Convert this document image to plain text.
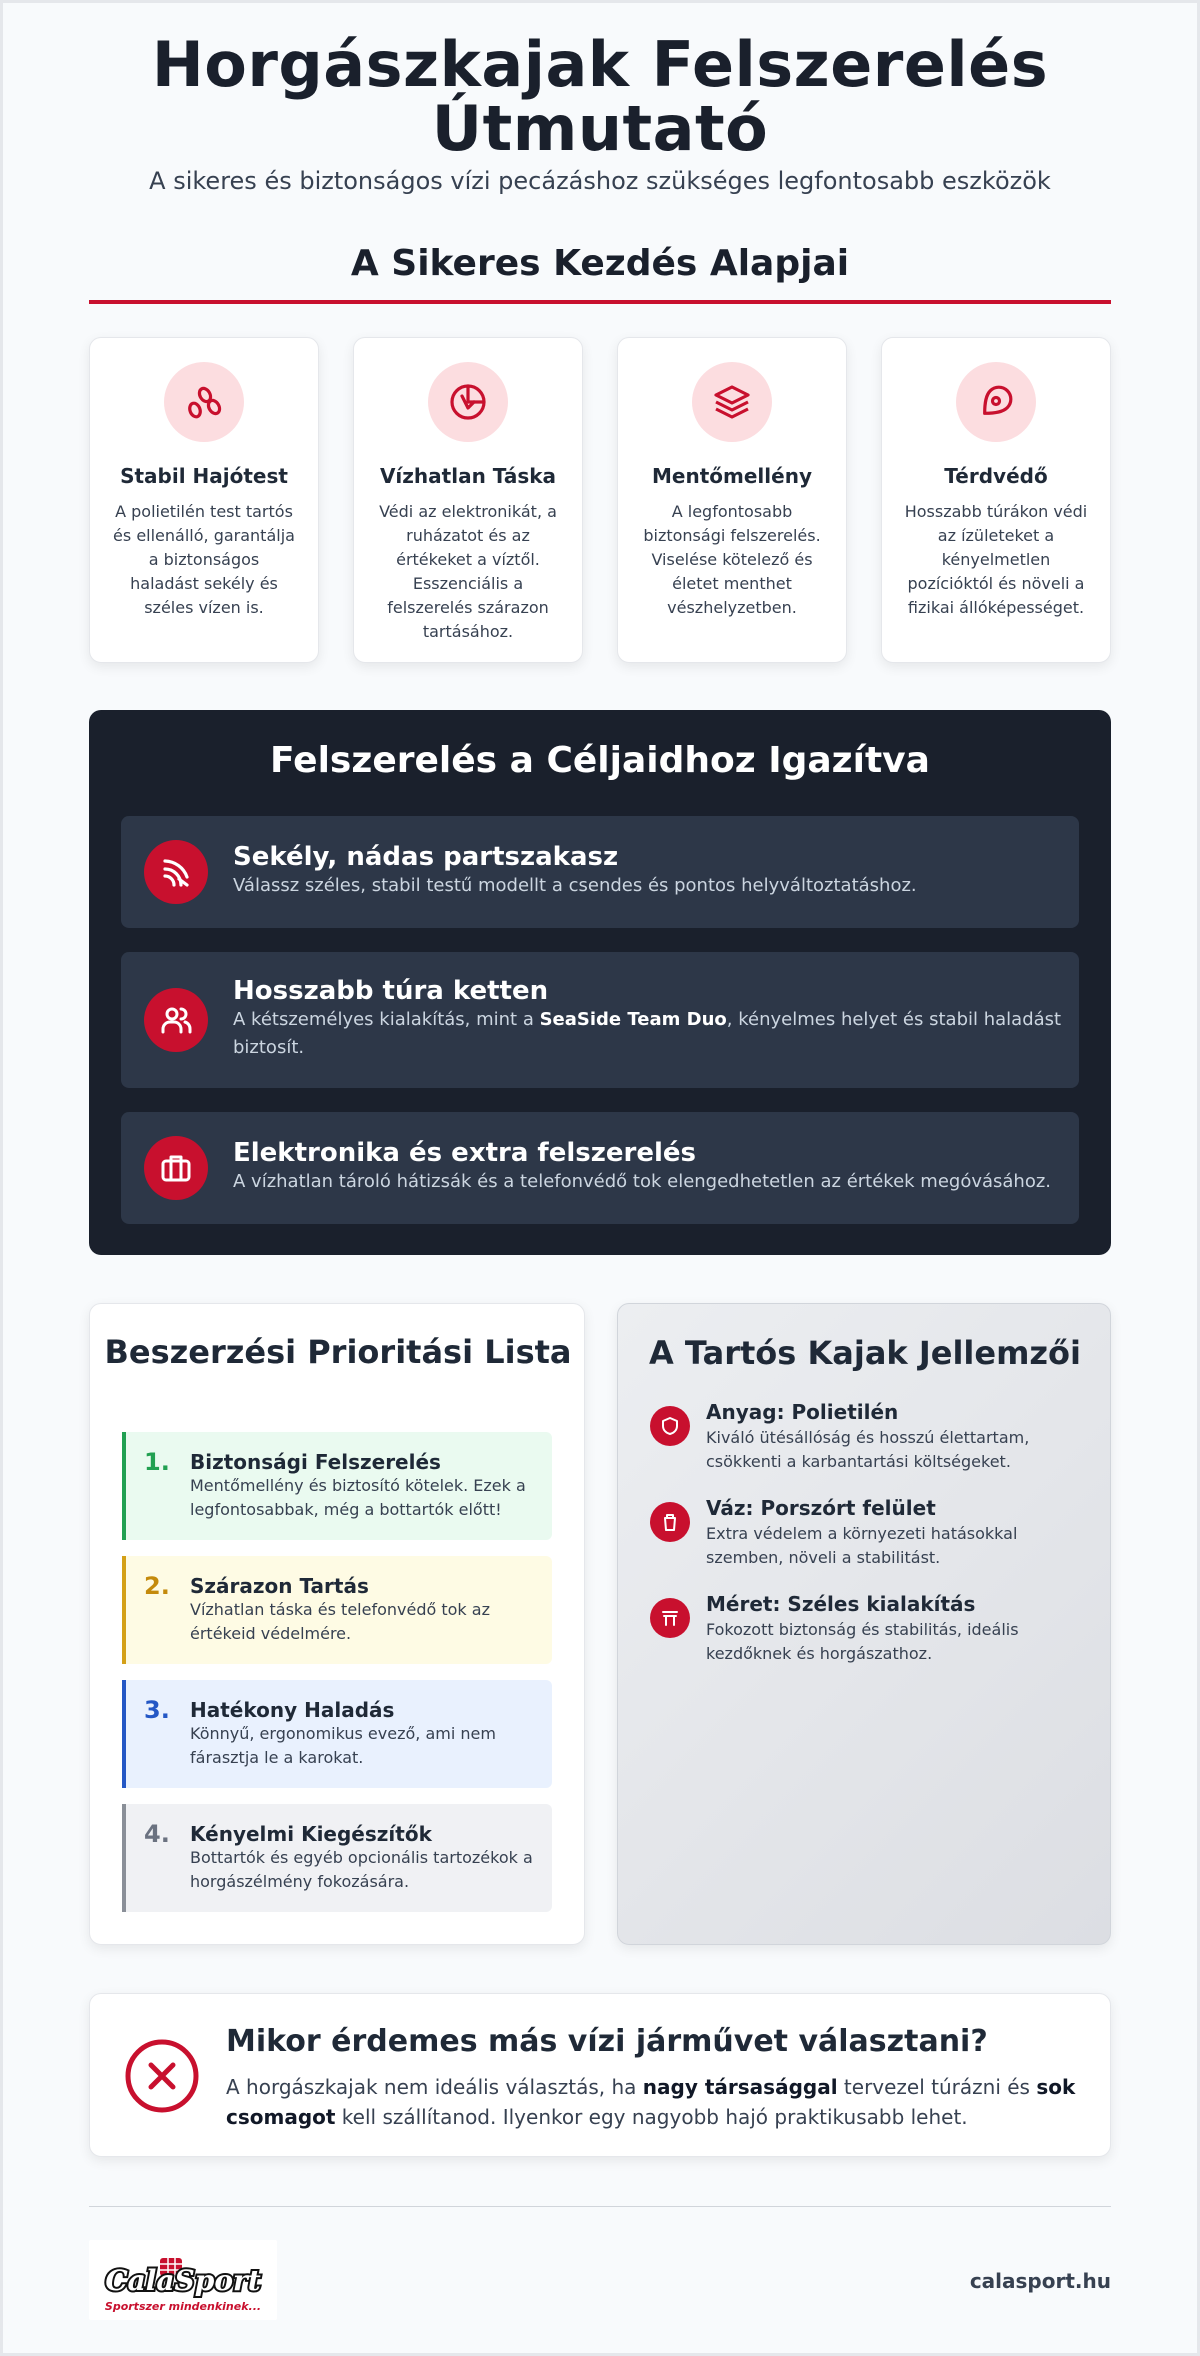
Horgászkajak Felszerelés Útmutató
A sikeres és biztonságos vízi pecázáshoz szükséges legfontosabb eszközök
A Sikeres Kezdés Alapjai
Stabil Hajótest

A polietilén test tartós és ellenálló, garantálja a biztonságos haladást sekély és széles vízen is.

Vízhatlan Táska

Védi az elektronikát, a ruházatot és az értékeket a víztől. Esszenciális a felszerelés szárazon tartásához.

Mentőmellény

A legfontosabb biztonsági felszerelés. Viselése kötelező és életet menthet vészhelyzetben.

Térdvédő

Hosszabb túrákon védi az ízületeket a kényelmetlen pozícióktól és növeli a fizikai állóképességet.

Felszerelés a Céljaidhoz Igazítva
Sekély, nádas partszakasz

Válassz széles, stabil testű modellt a csendes és pontos helyváltoztatáshoz.

Hosszabb túra ketten

A kétszemélyes kialakítás, mint a SeaSide Team Duo, kényelmes helyet és stabil haladást biztosít.

Elektronika és extra felszerelés

A vízhatlan tároló hátizsák és a telefonvédő tok elengedhetetlen az értékek megóvásához.

Beszerzési Prioritási Lista
1. Biztonsági Felszerelés

Mentőmellény és biztosító kötelek. Ezek a legfontosabbak, még a bottartók előtt!

2. Szárazon Tartás

Vízhatlan táska és telefonvédő tok az értékeid védelmére.

3. Hatékony Haladás

Könnyű, ergonomikus evező, ami nem fárasztja le a karokat.

4. Kényelmi Kiegészítők

Bottartók és egyéb opcionális tartozékok a horgászélmény fokozására.

A Tartós Kajak Jellemzői
Anyag: Polietilén

Kiváló ütésállóság és hosszú élettartam, csökkenti a karbantartási költségeket.

Váz: Porszórt felület

Extra védelem a környezeti hatásokkal szemben, növeli a stabilitást.

Méret: Széles kialakítás

Fokozott biztonság és stabilitás, ideális kezdőknek és horgászathoz.

Mikor érdemes más vízi járművet választani?

A horgászkajak nem ideális választás, ha nagy társasággal tervezel túrázni és sok csomagot kell szállítanod. Ilyenkor egy nagyobb hajó praktikusabb lehet.

CalaSport
Sportszer mindenkinek...
calasport.hu
